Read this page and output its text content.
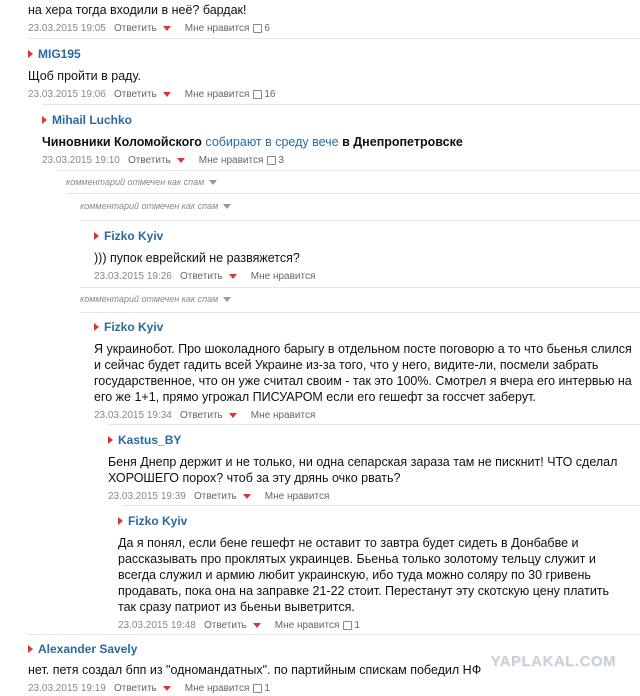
на хера тогда входили в неё? бардак!
23.03.2015 19:05 Ответить	Мне нравится 6
MIG195
Щоб пройти в раду.
23.03.2015 19:06 Ответить	Мне нравится 16
Mihail Luchko
Чиновники Коломойского собирают в среду вече в Днепропетровске
23.03.2015 19:10 Ответить	Мне нравится 3
комментарий отмечен как спам
комментарий отмечен как спам
Fizko Kyiv
))) пупок еврейский не развяжется?
23.03.2015 19:26 Ответить	Мне нравится
комментарий отмечен как спам
Fizko Kyiv
Я украинобот. Про шоколадного барыгу в отдельном посте поговорю а то что бьенья слился и сейчас будет гадить всей Украине из-за того, что у него, видите-ли, посмели забрать государственное, что он уже считал своим - так это 100%. Смотрел я вчера его интервью на его же 1+1, прямо угрожал ПИСУАРОМ если его гешефт за госсчет заберут.
23.03.2015 19:34 Ответить	Мне нравится
Kastus_BY
Беня Днепр держит и не только, ни одна сепарская зараза там не пискнит! ЧТО сделал ХОРОШЕГО порох? чтоб за эту дрянь очко рвать?
23.03.2015 19:39 Ответить	Мне нравится
Fizko Kyiv
Да я понял, если бене гешефт не оставит то завтра будет сидеть в Донбабве и рассказывать про проклятых украинцев. Бьеньа только золотому тельцу служит и всегда служил и армию любит украинскую, ибо туда можно соляру по 30 гривень продавать, пока она на заправке 21-22 стоит. Перестанут эту скотскую цену платить так сразу патриот из бьеньи выветрится.
23.03.2015 19:48 Ответить	Мне нравится 1
Alexander Savely
нет. петя создал бпп из "одномандатных". по партийным спискам победил НФ
23.03.2015 19:19 Ответить	Мне нравится 1
YAPLAKAL.COM
